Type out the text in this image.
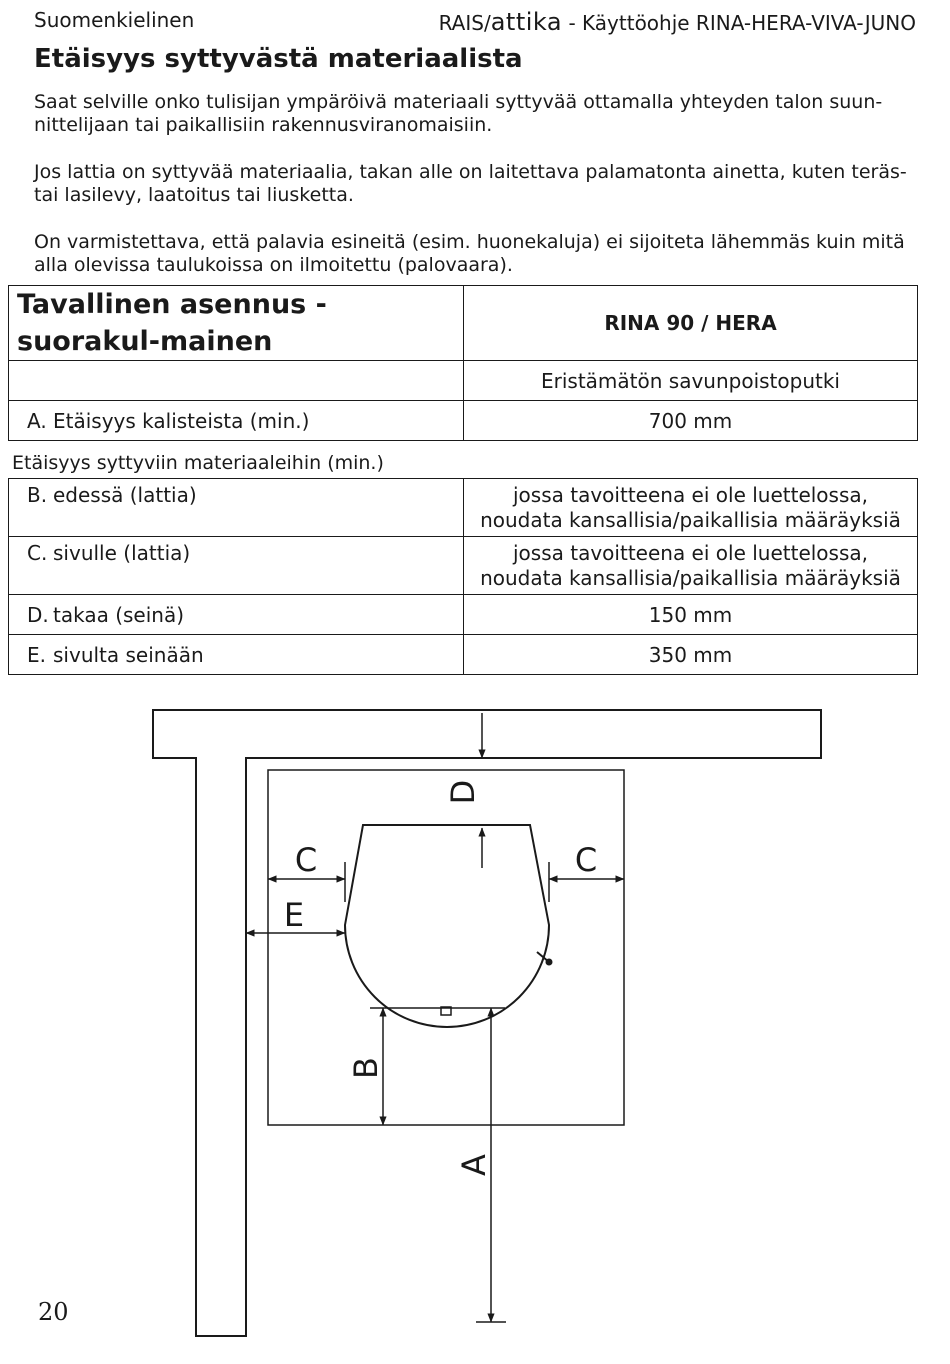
Suomenkielinen	RAIS/attika - Käyttöohje RINA-HERA-VIVA-JUNO
Etäisyys syttyvästä materiaalista

Saat selville onko tulisijan ympäröivä materiaali syttyvää ottamalla yhteyden talon suun-nittelijaan tai paikallisiin rakennusviranomaisiin.

Jos lattia on syttyvää materiaalia, takan alle on laitettava palamatonta ainetta, kuten teräs- tai lasilevy, laatoitus tai liusketta.

On varmistettava, että palavia esineitä (esim. huonekaluja) ei sijoiteta lähemmäs kuin mitä alla olevissa taulukoissa on ilmoitettu (palovaara).

Tavallinen asennus - suorakul-mainen	RINA 90 / HERA
	Eristämätön savunpoistoputki
A. Etäisyys kalisteista (min.)	700 mm
Etäisyys syttyviin materiaaleihin (min.)
B. edessä (lattia)	jossa tavoitteena ei ole luettelossa,
noudata kansallisia/paikallisia määräyksiä
C. sivulle (lattia)	jossa tavoitteena ei ole luettelossa,
noudata kansallisia/paikallisia määräyksiä
D. takaa (seinä)	150 mm
E. sivulta seinään	350 mm
D
C	C
E
B
A
20
